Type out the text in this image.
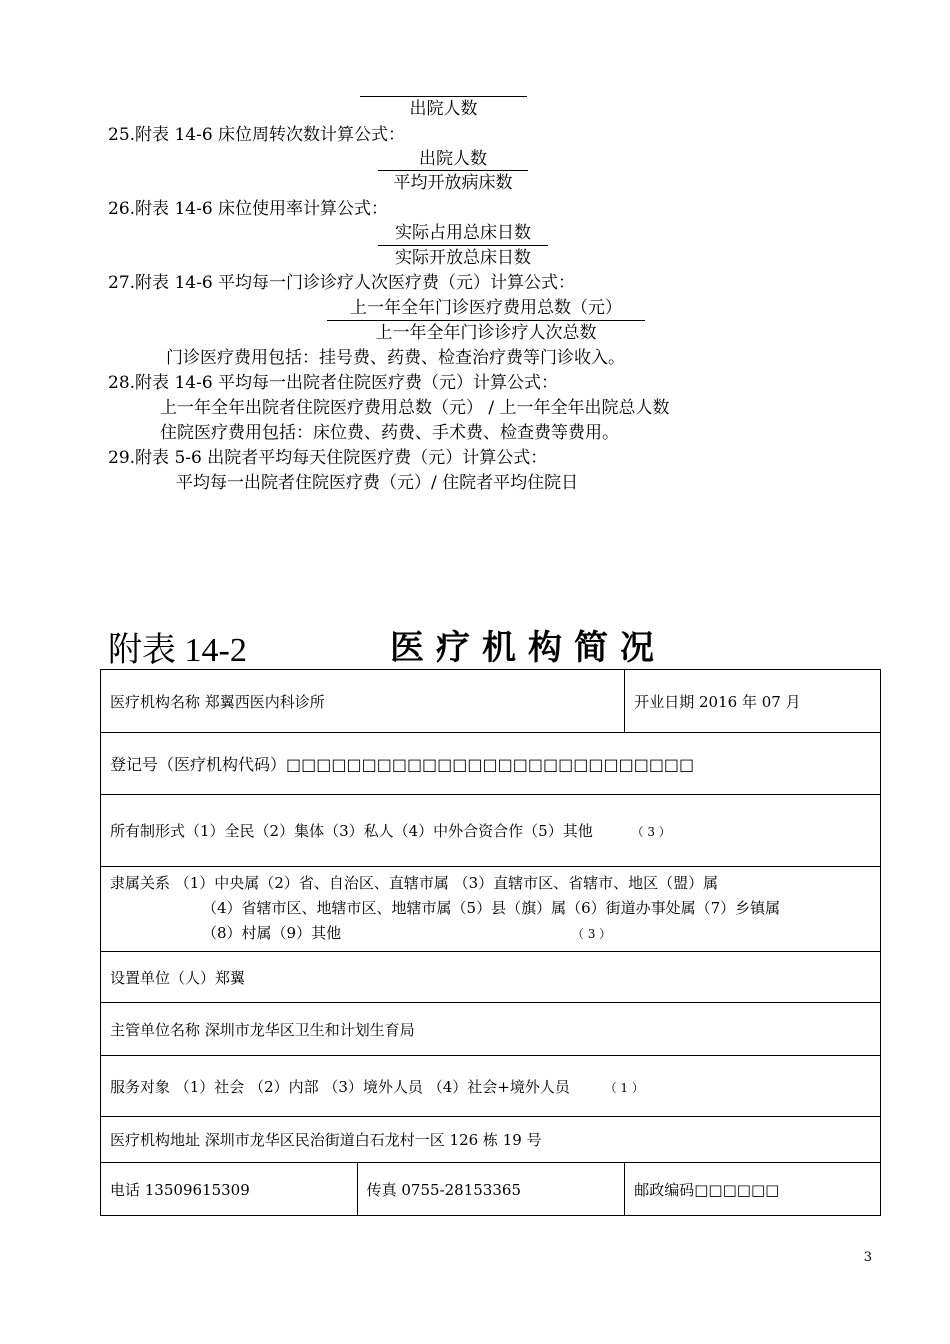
出院人数
25.附表 14-6 床位周转次数计算公式：
出院人数
平均开放病床数
26.附表 14-6 床位使用率计算公式：
实际占用总床日数
实际开放总床日数
27.附表 14-6 平均每一门诊诊疗人次医疗费（元）计算公式：
上一年全年门诊医疗费用总数（元）
上一年全年门诊诊疗人次总数
门诊医疗费用包括：挂号费、药费、检查治疗费等门诊收入。
28.附表 14-6 平均每一出院者住院医疗费（元）计算公式：
上一年全年出院者住院医疗费用总数（元） / 上一年全年出院总人数
住院医疗费用包括：床位费、药费、手术费、检查费等费用。
29.附表 5-6 出院者平均每天住院医疗费（元）计算公式：
平均每一出院者住院医疗费（元）/ 住院者平均住院日
附表 14-2	医疗机构简况
医疗机构名称 郑翼西医内科诊所		开业日期 2016 年 07 月
登记号（医疗机构代码）□□□□□□□□□□□□□□□□□□□□□□□□□□□		
所有制形式（1）全民（2）集体（3）私人（4）中外合资合作（5）其他 （ 3 ）		

隶属关系 （1）中央属（2）省、自治区、直辖市属 （3）直辖市区、省辖市、地区（盟）属
（4）省辖市区、地辖市区、地辖市属（5）县（旗）属（6）街道办事处属（7）乡镇属
（8）村属（9）其他 （ 3 ）		

设置单位（人）郑翼		
主管单位名称 深圳市龙华区卫生和计划生育局		
服务对象 （1）社会 （2）内部 （3）境外人员 （4）社会+境外人员 （ 1 ）		
医疗机构地址 深圳市龙华区民治街道白石龙村一区 126 栋 19 号		
电话 13509615309	传真 0755-28153365	邮政编码□□□□□□
3
